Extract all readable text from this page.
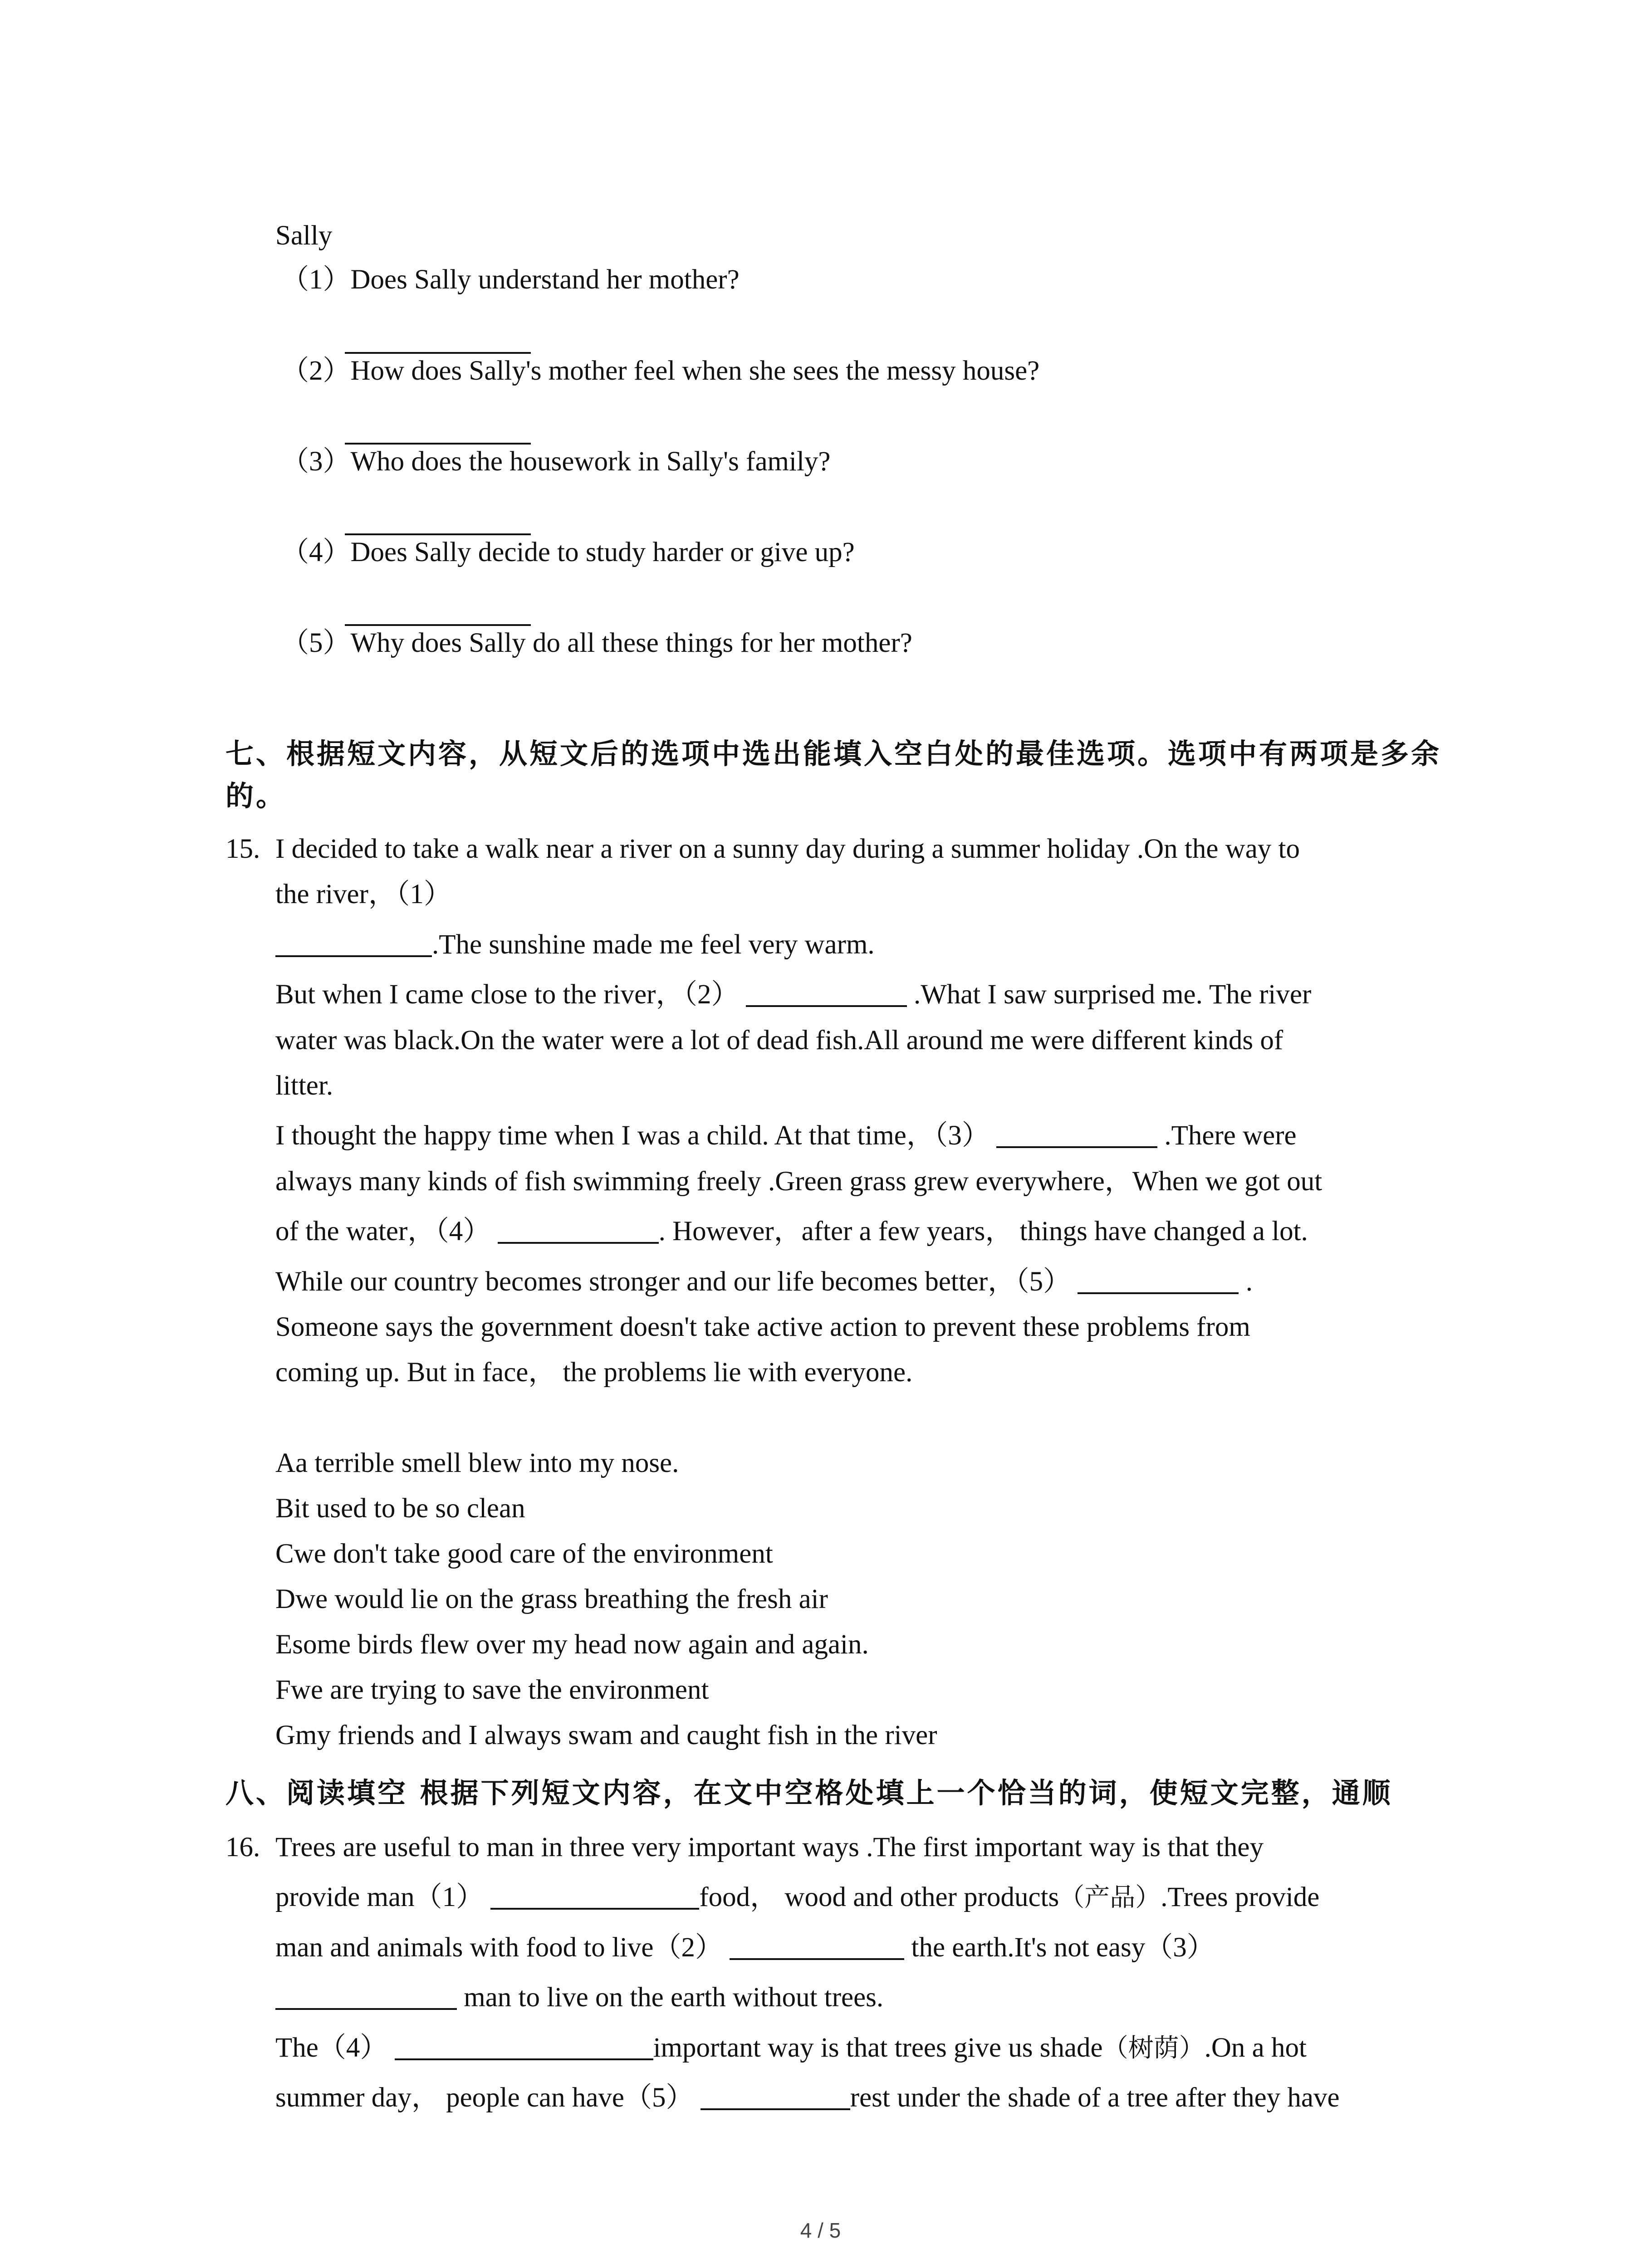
Sally
（1）Does Sally understand her mother?
（2）How does Sally's mother feel when she sees the messy house?
（3）Who does the housework in Sally's family?
（4）Does Sally decide to study harder or give up?
（5）Why does Sally do all these things for her mother?
七、根据短文内容，从短文后的选项中选出能填入空白处的最佳选项。选项中有两项是多余
的。
15. I decided to take a walk near a river on a sunny day during a summer holiday .On the way to
the river，（1）
.The sunshine made me feel very warm.
But when I came close to the river，（2）	.What I saw surprised me. The river
water was black.On the water were a lot of dead fish.All around me were different kinds of
litter.
I thought the happy time when I was a child. At that time，（3）	.There were
always many kinds of fish swimming freely .Green grass grew everywhere，When we got out
of the water，（4）	. However，after a few years， things have changed a lot.
While our country becomes stronger and our life becomes better，（5）	.
Someone says the government doesn't take active action to prevent these problems from
coming up. But in face， the problems lie with everyone.
Aa terrible smell blew into my nose.
Bit used to be so clean
Cwe don't take good care of the environment
Dwe would lie on the grass breathing the fresh air
Esome birds flew over my head now again and again.
Fwe are trying to save the environment
Gmy friends and I always swam and caught fish in the river
八、阅读填空 根据下列短文内容，在文中空格处填上一个恰当的词，使短文完整，通顺
16. Trees are useful to man in three very important ways .The first important way is that they
provide man（1）	food， wood and other products（产品）.Trees provide
man and animals with food to live（2）	the earth.It's not easy（3）
man to live on the earth without trees.
The（4）	important way is that trees give us shade（树荫）.On a hot
summer day， people can have（5）	rest under the shade of a tree after they have
4 / 5
